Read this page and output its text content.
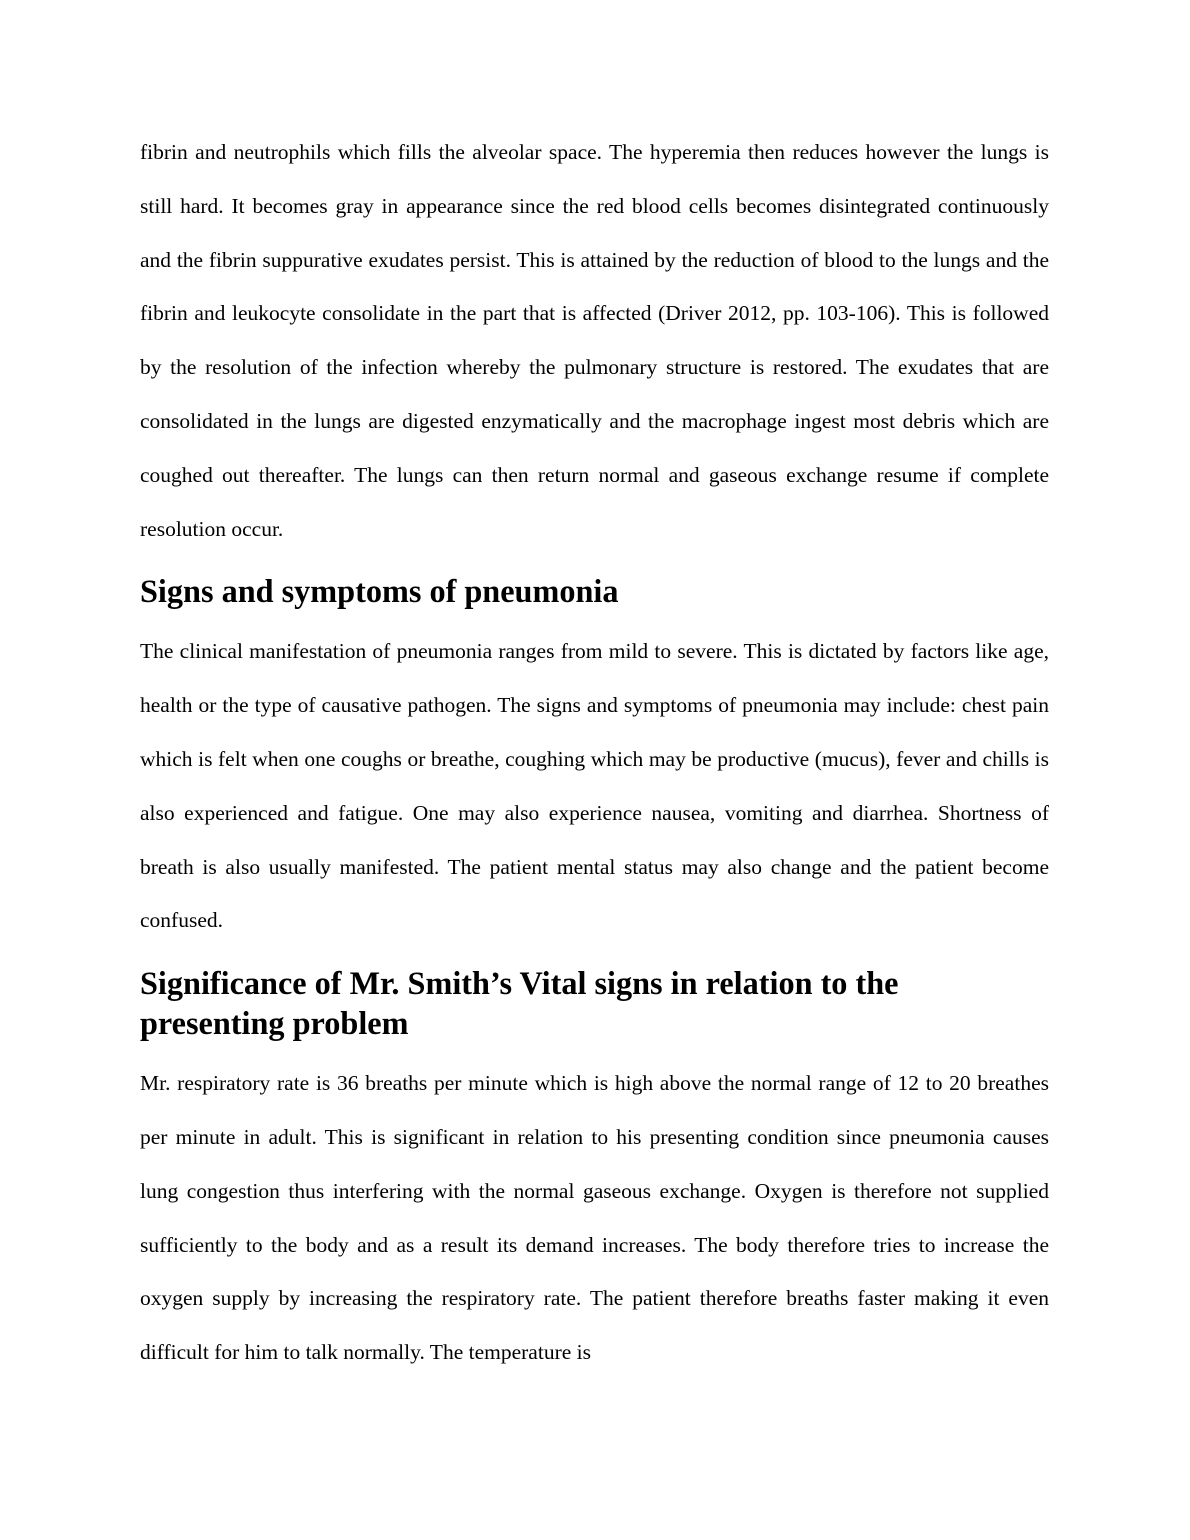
fibrin and neutrophils which fills the alveolar space. The hyperemia then reduces however the lungs is still hard. It becomes gray in appearance since the red blood cells becomes disintegrated continuously and the fibrin suppurative exudates persist. This is attained by the reduction of blood to the lungs and the fibrin and leukocyte consolidate in the part that is affected (Driver 2012, pp. 103-106). This is followed by the resolution of the infection whereby the pulmonary structure is restored. The exudates that are consolidated in the lungs are digested enzymatically and the macrophage ingest most debris which are coughed out thereafter. The lungs can then return normal and gaseous exchange resume if complete resolution occur.

Signs and symptoms of pneumonia

The clinical manifestation of pneumonia ranges from mild to severe. This is dictated by factors like age, health or the type of causative pathogen. The signs and symptoms of pneumonia may include: chest pain which is felt when one coughs or breathe, coughing which may be productive (mucus), fever and chills is also experienced and fatigue. One may also experience nausea, vomiting and diarrhea. Shortness of breath is also usually manifested. The patient mental status may also change and the patient become confused.

Significance of Mr. Smith’s Vital signs in relation to the presenting problem

Mr. respiratory rate is 36 breaths per minute which is high above the normal range of 12 to 20 breathes per minute in adult. This is significant in relation to his presenting condition since pneumonia causes lung congestion thus interfering with the normal gaseous exchange. Oxygen is therefore not supplied sufficiently to the body and as a result its demand increases. The body therefore tries to increase the oxygen supply by increasing the respiratory rate. The patient therefore breaths faster making it even difficult for him to talk normally. The temperature is
